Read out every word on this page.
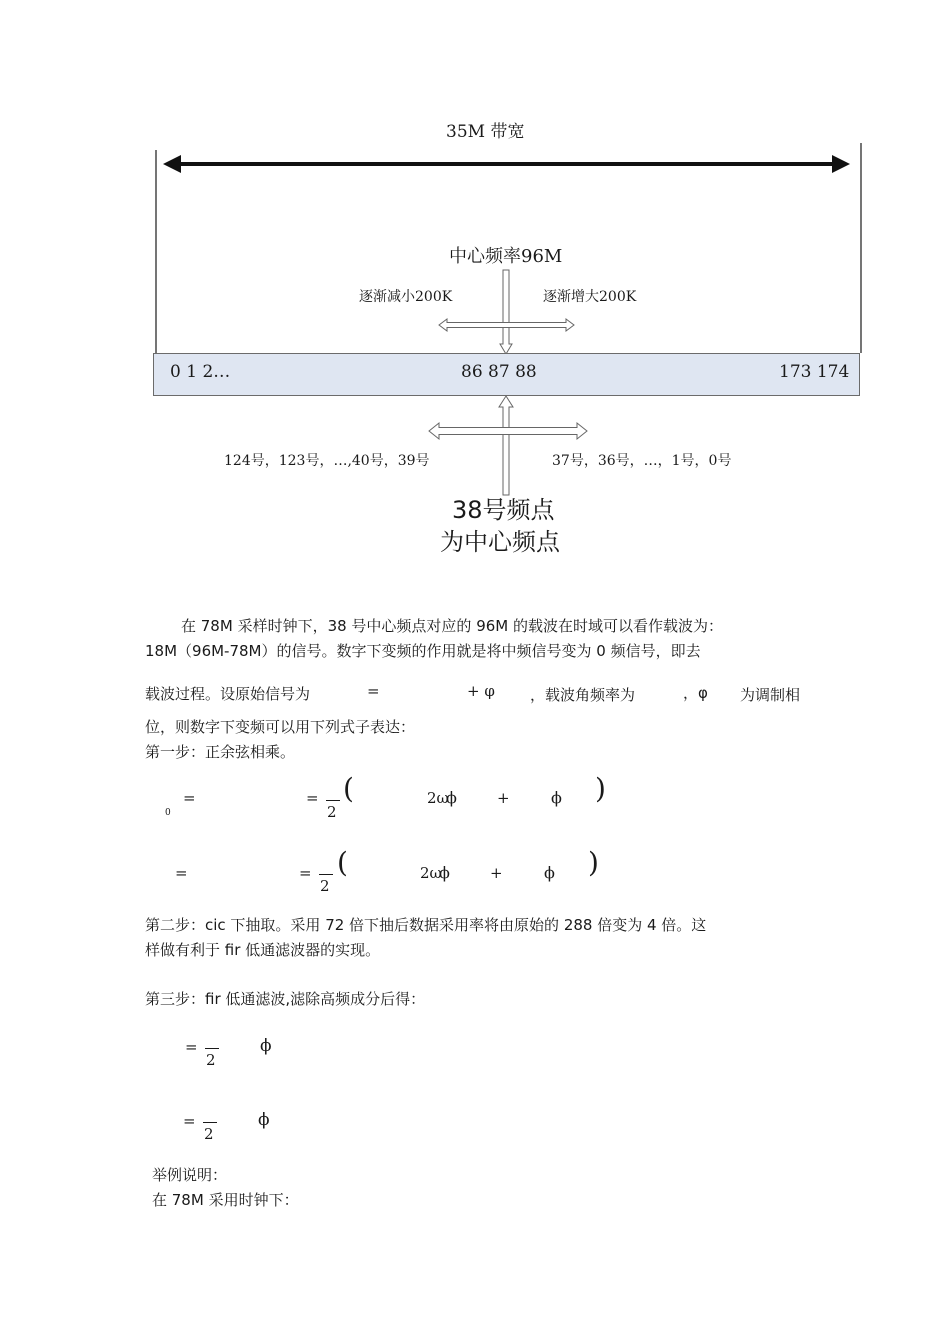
35M 带宽
中心频率96M
逐渐减小200K	逐渐增大200K
0 1 2…	86 87 88	173 174
124号，123号，…,40号，39号	37号，36号，…，1号，0号
38号频点
为中心频点
在 78M 采样时钟下，38 号中心频点对应的 96M 的载波在时域可以看作载波为：
18M（96M-78M）的信号。数字下变频的作用就是将中频信号变为 0 频信号，即去
载波过程。设原始信号为	=	+ φ ，载波角频率为	，φ 为调制相
位，则数字下变频可以用下列式子表达：
第一步：正余弦相乘。
0
=	=
2
(	2ω
ϕ	+	ϕ )
=	=
2
(	2ω
ϕ	+	ϕ )
第二步：cic 下抽取。采用 72 倍下抽后数据采用率将由原始的 288 倍变为 4 倍。这
样做有利于 fir 低通滤波器的实现。
第三步：fir 低通滤波,滤除高频成分后得：
=
2
ϕ
=
2
ϕ
举例说明：
在 78M 采用时钟下：
